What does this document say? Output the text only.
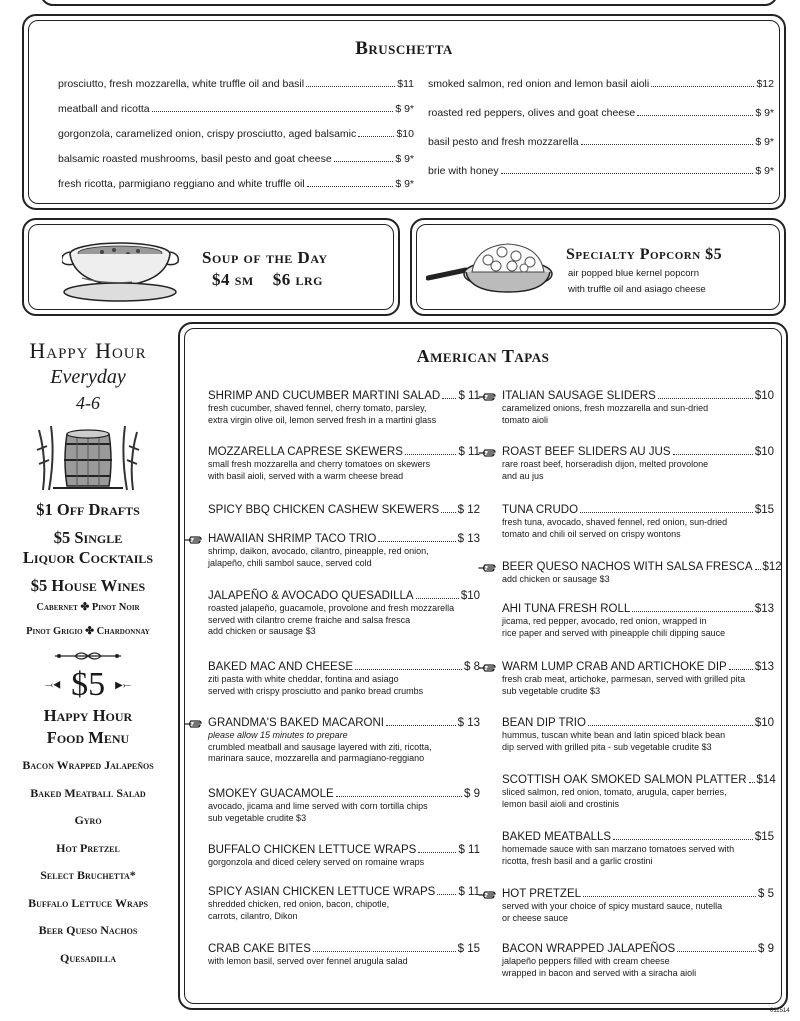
Bruschetta
prosciutto, fresh mozzarella, white truffle oil and basil	$11
meatball and ricotta	$ 9*
gorgonzola, caramelized onion, crispy prosciutto, aged balsamic	$10
balsamic roasted mushrooms, basil pesto and goat cheese	$ 9*
fresh ricotta, parmigiano reggiano and white truffle oil	$ 9*
smoked salmon, red onion and lemon basil aioli	$12
roasted red peppers, olives and goat cheese	$ 9*
basil pesto and fresh mozzarella	$ 9*
brie with honey	$ 9*
Soup of the Day
$4 sm $6 lrg
Specialty Popcorn $5
air popped blue kernel popcorn
with truffle oil and asiago cheese
Happy Hour
Everyday
4-6
$1 Off Drafts
$5 Single
Liquor Cocktails
$5 House Wines
Cabernet ✤ Pinot Noir
Pinot Grigio ✤ Chardonnay
⤙◀ $5 ▶⤚
Happy Hour
Food Menu
Bacon Wrapped Jalapeños
Baked Meatball Salad
Gyro
Hot Pretzel
Select Bruchetta*
Buffalo Lettuce Wraps
Beer Queso Nachos
Quesadilla
American Tapas
SHRIMP AND CUCUMBER MARTINI SALAD $ 11
fresh cucumber, shaved fennel, cherry tomato, parsley,
extra virgin olive oil, lemon served fresh in a martini glass
MOZZARELLA CAPRESE SKEWERS	$ 11
small fresh mozzarella and cherry tomatoes on skewers
with basil aioli, served with a warm cheese bread
SPICY BBQ CHICKEN CASHEW SKEWERS $ 12
HAWAIIAN SHRIMP TACO TRIO	$ 13
shrimp, daikon, avocado, cilantro, pineapple, red onion,
jalapeño, chili sambol sauce, served cold
JALAPEÑO & AVOCADO QUESADILLA	$10
roasted jalapeño, guacamole, provolone and fresh mozzarella
served with cilantro creme fraiche and salsa fresca
add chicken or sausage $3
BAKED MAC AND CHEESE	$ 8
ziti pasta with white cheddar, fontina and asiago
served with crispy prosciutto and panko bread crumbs
GRANDMA'S BAKED MACARONI	$ 13
please allow 15 minutes to prepare
crumbled meatball and sausage layered with ziti, ricotta,
marinara sauce, mozzarella and parmagiano-reggiano
SMOKEY GUACAMOLE	$ 9
avocado, jicama and lime served with corn tortilla chips
sub vegetable crudite $3
BUFFALO CHICKEN LETTUCE WRAPS	$ 11
gorgonzola and diced celery served on romaine wraps
SPICY ASIAN CHICKEN LETTUCE WRAPS $ 11
shredded chicken, red onion, bacon, chipotle,
carrots, cilantro, Dikon
CRAB CAKE BITES	$ 15
with lemon basil, served over fennel arugula salad
ITALIAN SAUSAGE SLIDERS	$10
caramelized onions, fresh mozzarella and sun-dried
tomato aioli
ROAST BEEF SLIDERS AU JUS	$10
rare roast beef, horseradish dijon, melted provolone
and au jus
TUNA CRUDO	$15
fresh tuna, avocado, shaved fennel, red onion, sun-dried
tomato and chili oil served on crispy wontons
BEER QUESO NACHOS WITH SALSA FRESCA $12
add chicken or sausage $3
AHI TUNA FRESH ROLL	$13
jicama, red pepper, avocado, red onion, wrapped in
rice paper and served with pineapple chili dipping sauce
WARM LUMP CRAB AND ARTICHOKE DIP $13
fresh crab meat, artichoke, parmesan, served with grilled pita
sub vegetable crudite $3
BEAN DIP TRIO	$10
hummus, tuscan white bean and latin spiced black bean
dip served with grilled pita - sub vegetable crudite $3
SCOTTISH OAK SMOKED SALMON PLATTER $14
sliced salmon, red onion, tomato, arugula, caper berries,
lemon basil aioli and crostinis
BAKED MEATBALLS	$15
homemade sauce with san marzano tomatoes served with
ricotta, fresh basil and a garlic crostini
HOT PRETZEL	$ 5
served with your choice of spicy mustard sauce, nutella
or cheese sauce
BACON WRAPPED JALAPEÑOS	$ 9
jalapeño peppers filled with cream cheese
wrapped in bacon and served with a siracha aioli
011514
